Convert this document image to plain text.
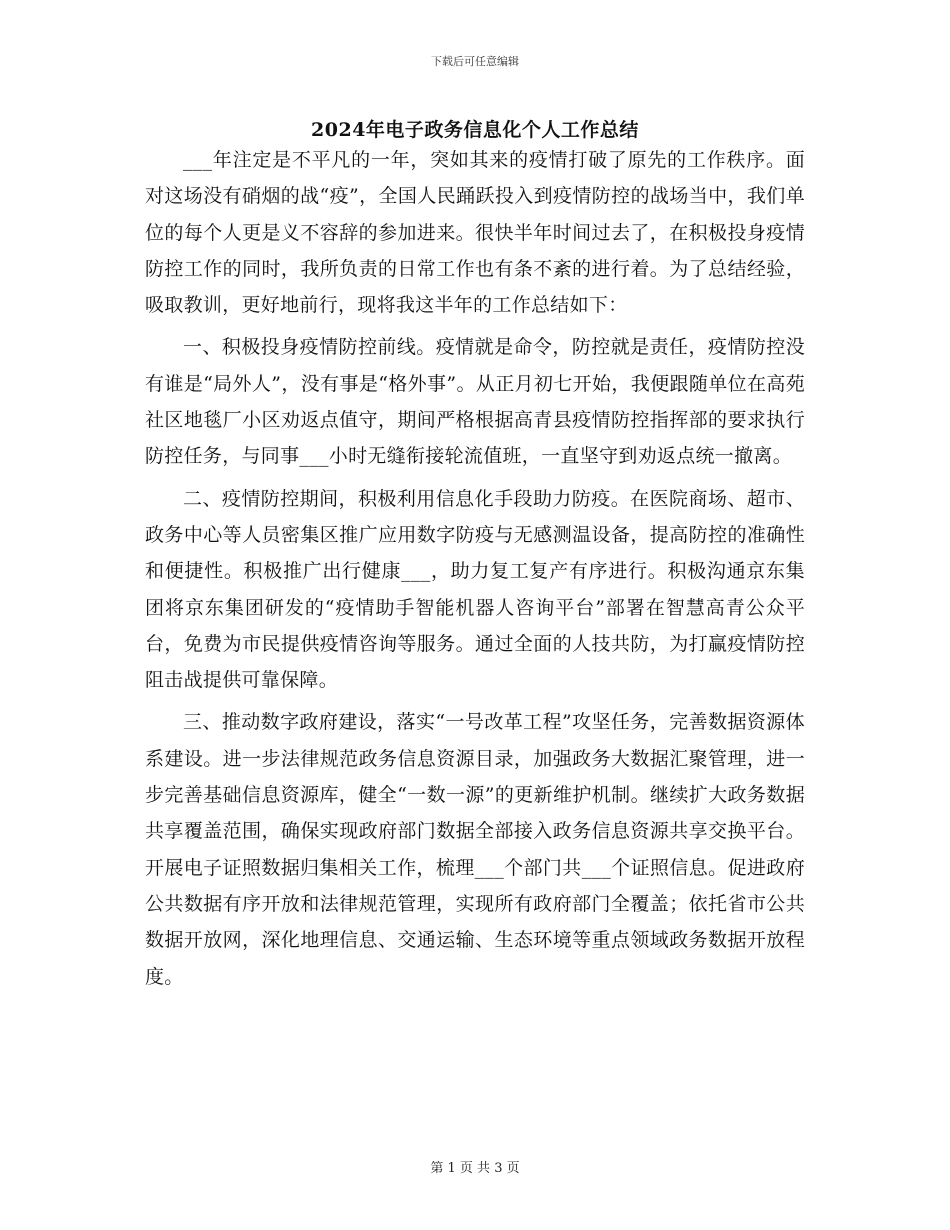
下载后可任意编辑
2024年电子政务信息化个人工作总结

___年注定是不平凡的一年，突如其来的疫情打破了原先的工作秩序。面对这场没有硝烟的战“疫”，全国人民踊跃投入到疫情防控的战场当中，我们单位的每个人更是义不容辞的参加进来。很快半年时间过去了，在积极投身疫情防控工作的同时，我所负责的日常工作也有条不紊的进行着。为了总结经验，吸取教训，更好地前行，现将我这半年的工作总结如下：

一、积极投身疫情防控前线。疫情就是命令，防控就是责任，疫情防控没有谁是“局外人”，没有事是“格外事”。从正月初七开始，我便跟随单位在高苑社区地毯厂小区劝返点值守，期间严格根据高青县疫情防控指挥部的要求执行防控任务，与同事___小时无缝衔接轮流值班，一直坚守到劝返点统一撤离。

二、疫情防控期间，积极利用信息化手段助力防疫。在医院商场、超市、政务中心等人员密集区推广应用数字防疫与无感测温设备，提高防控的准确性和便捷性。积极推广出行健康___，助力复工复产有序进行。积极沟通京东集团将京东集团研发的“疫情助手智能机器人咨询平台”部署在智慧高青公众平台，免费为市民提供疫情咨询等服务。通过全面的人技共防，为打赢疫情防控阻击战提供可靠保障。

三、推动数字政府建设，落实“一号改革工程”攻坚任务，完善数据资源体系建设。进一步法律规范政务信息资源目录，加强政务大数据汇聚管理，进一步完善基础信息资源库，健全“一数一源”的更新维护机制。继续扩大政务数据共享覆盖范围，确保实现政府部门数据全部接入政务信息资源共享交换平台。开展电子证照数据归集相关工作，梳理___个部门共___个证照信息。促进政府公共数据有序开放和法律规范管理，实现所有政府部门全覆盖；依托省市公共数据开放网，深化地理信息、交通运输、生态环境等重点领域政务数据开放程度。

第 1 页 共 3 页
